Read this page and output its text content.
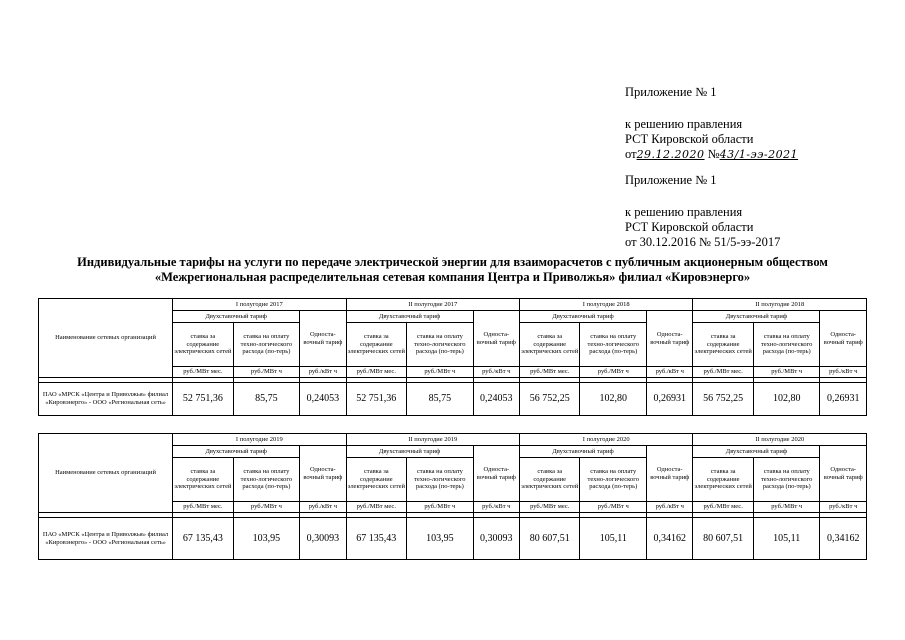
Приложение № 1
к решению правления
РСТ Кировской области
от29.12.2020 №43/1-ээ-2021
Приложение № 1
к решению правления
РСТ Кировской области
от 30.12.2016 № 51/5-ээ-2017
Индивидуальные тарифы на услуги по передаче электрической энергии для взаиморасчетов с публичным акционерным обществом
«Межрегиональная распределительная сетевая компания Центра и Приволжья» филиал «Кировэнерго»
Наименование сетевых организаций	I полугодие 2017			II полугодие 2017			I полугодие 2018			II полугодие 2018		
	Двухставочный тариф		Односта-вочный тариф	Двухставочный тариф		Односта-вочный тариф	Двухставочный тариф		Односта-вочный тариф	Двухставочный тариф		Односта-вочный тариф
	ставка за содержание электрических сетей	ставка на оплату техно-логического расхода (по-терь)		ставка за содержание электрических сетей	ставка на оплату техно-логического расхода (по-терь)		ставка за содержание электрических сетей	ставка на оплату техно-логического расхода (по-терь)		ставка за содержание электрических сетей	ставка на оплату техно-логического расхода (по-терь)	
	руб./МВт мес.	руб./МВт ч	руб./кВт ч	руб./МВт мес.	руб./МВт ч	руб./кВт ч	руб./МВт мес.	руб./МВт ч	руб./кВт ч	руб./МВт мес.	руб./МВт ч	руб./кВт ч

ПАО «МРСК «Центра и Приволжья» филиал «Кировэнерго» - ООО «Региональная сеть»	52 751,36	85,75	0,24053	52 751,36	85,75	0,24053	56 752,25	102,80	0,26931	56 752,25	102,80	0,26931
Наименование сетевых организаций	I полугодие 2019			II полугодие 2019			I полугодие 2020			II полугодие 2020		
	Двухставочный тариф		Односта-вочный тариф	Двухставочный тариф		Односта-вочный тариф	Двухставочный тариф		Односта-вочный тариф	Двухставочный тариф		Односта-вочный тариф
	ставка за содержание электрических сетей	ставка на оплату техно-логического расхода (по-терь)		ставка за содержание электрических сетей	ставка на оплату техно-логического расхода (по-терь)		ставка за содержание электрических сетей	ставка на оплату техно-логического расхода (по-терь)		ставка за содержание электрических сетей	ставка на оплату техно-логического расхода (по-терь)	
	руб./МВт мес.	руб./МВт ч	руб./кВт ч	руб./МВт мес.	руб./МВт ч	руб./кВт ч	руб./МВт мес.	руб./МВт ч	руб./кВт ч	руб./МВт мес.	руб./МВт ч	руб./кВт ч

ПАО «МРСК «Центра и Приволжья» филиал «Кировэнерго» - ООО «Региональная сеть»	67 135,43	103,95	0,30093	67 135,43	103,95	0,30093	80 607,51	105,11	0,34162	80 607,51	105,11	0,34162
